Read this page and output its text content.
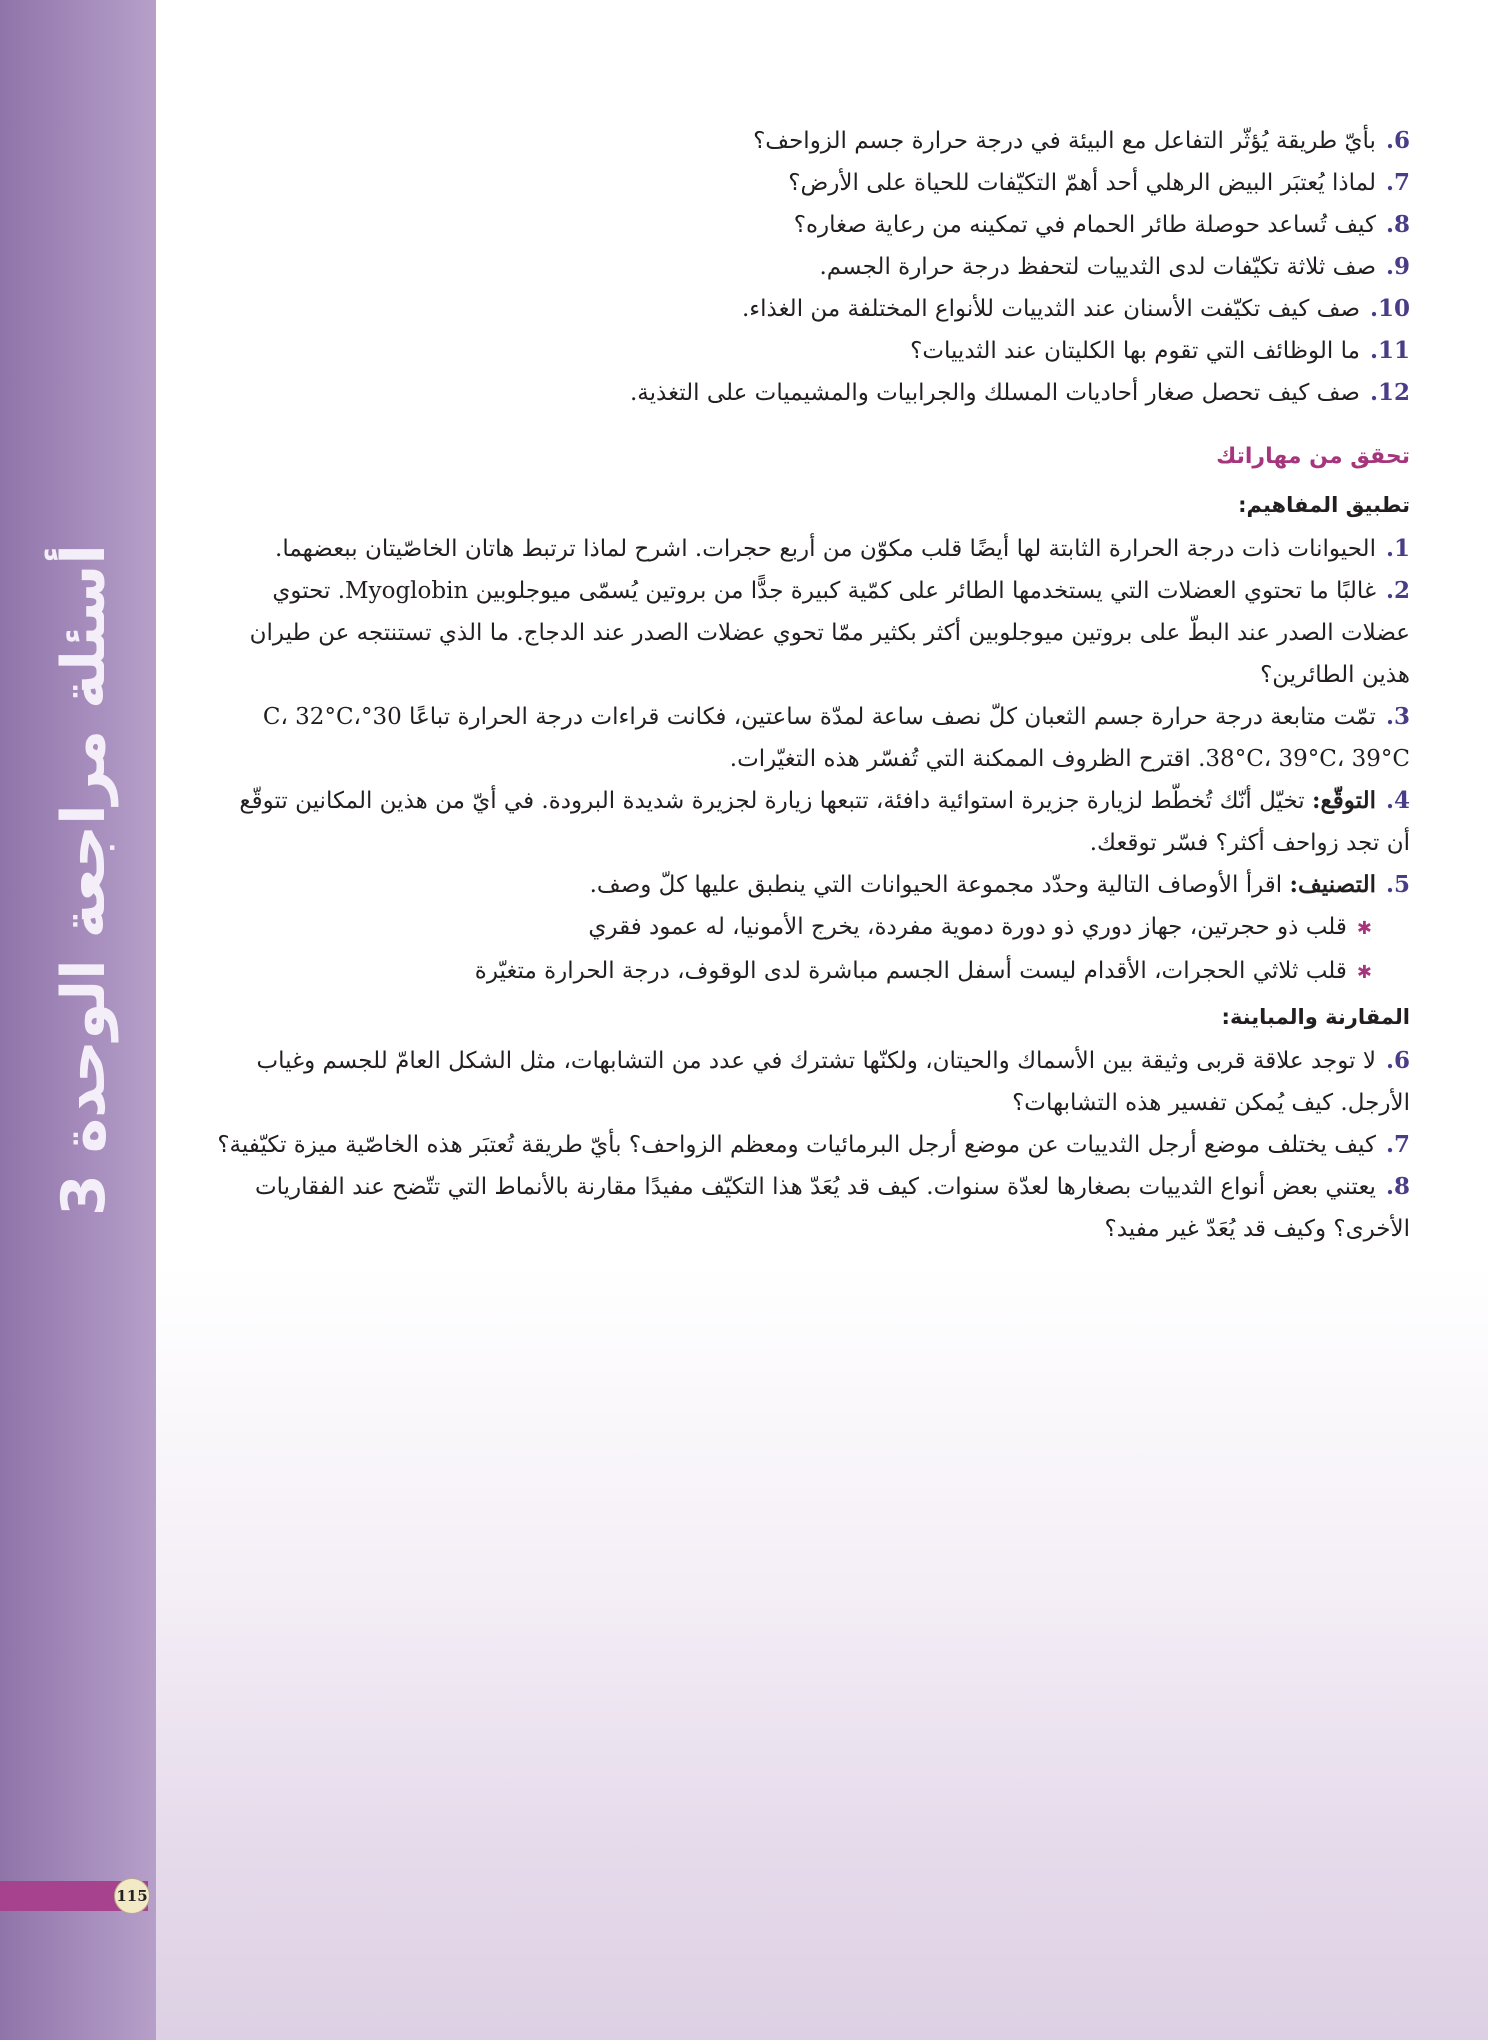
أسئلة مراجعة الوحدة 3
115

6 .بأيّ طريقة يُؤثّر التفاعل مع البيئة في درجة حرارة جسم الزواحف؟

7 .لماذا يُعتبَر البيض الرهلي أحد أهمّ التكيّفات للحياة على الأرض؟

8 .كيف تُساعد حوصلة طائر الحمام في تمكينه من رعاية صغاره؟

9 .صف ثلاثة تكيّفات لدى الثدييات لتحفظ درجة حرارة الجسم.

10 .صف كيف تكيّفت الأسنان عند الثدييات للأنواع المختلفة من الغذاء.

11 .ما الوظائف التي تقوم بها الكليتان عند الثدييات؟

12 .صف كيف تحصل صغار أحاديات المسلك والجرابيات والمشيميات على التغذية.

تحقق من مهاراتك
تطبيق المفاهيم:

1 .الحيوانات ذات درجة الحرارة الثابتة لها أيضًا قلب مكوّن من أربع حجرات. اشرح لماذا ترتبط هاتان الخاصّيتان ببعضهما.

2 .غالبًا ما تحتوي العضلات التي يستخدمها الطائر على كمّية كبيرة جدًّا من بروتين يُسمّى ميوجلوبين Myoglobin. تحتوي عضلات الصدر عند البطّ على بروتين ميوجلوبين أكثر بكثير ممّا تحوي عضلات الصدر عند الدجاج. ما الذي تستنتجه عن طيران هذين الطائرين؟

3 .تمّت متابعة درجة حرارة جسم الثعبان كلّ نصف ساعة لمدّة ساعتين، فكانت قراءات درجة الحرارة تباعًا 30°C، 32°C، 38°C، 39°C، 39°C. اقترح الظروف الممكنة التي تُفسّر هذه التغيّرات.

4 .التوقّع: تخيّل أنّك تُخطّط لزيارة جزيرة استوائية دافئة، تتبعها زيارة لجزيرة شديدة البرودة. في أيّ من هذين المكانين تتوقّع أن تجد زواحف أكثر؟ فسّر توقعك.

5 .التصنيف: اقرأ الأوصاف التالية وحدّد مجموعة الحيوانات التي ينطبق عليها كلّ وصف.

✱قلب ذو حجرتين، جهاز دوري ذو دورة دموية مفردة، يخرج الأمونيا، له عمود فقري

✱قلب ثلاثي الحجرات، الأقدام ليست أسفل الجسم مباشرة لدى الوقوف، درجة الحرارة متغيّرة

المقارنة والمباينة:

6 .لا توجد علاقة قربى وثيقة بين الأسماك والحيتان، ولكنّها تشترك في عدد من التشابهات، مثل الشكل العامّ للجسم وغياب الأرجل. كيف يُمكن تفسير هذه التشابهات؟

7 .كيف يختلف موضع أرجل الثدييات عن موضع أرجل البرمائيات ومعظم الزواحف؟ بأيّ طريقة تُعتبَر هذه الخاصّية ميزة تكيّفية؟

8 .يعتني بعض أنواع الثدييات بصغارها لعدّة سنوات. كيف قد يُعَدّ هذا التكيّف مفيدًا مقارنة بالأنماط التي تتّضح عند الفقاريات الأخرى؟ وكيف قد يُعَدّ غير مفيد؟
